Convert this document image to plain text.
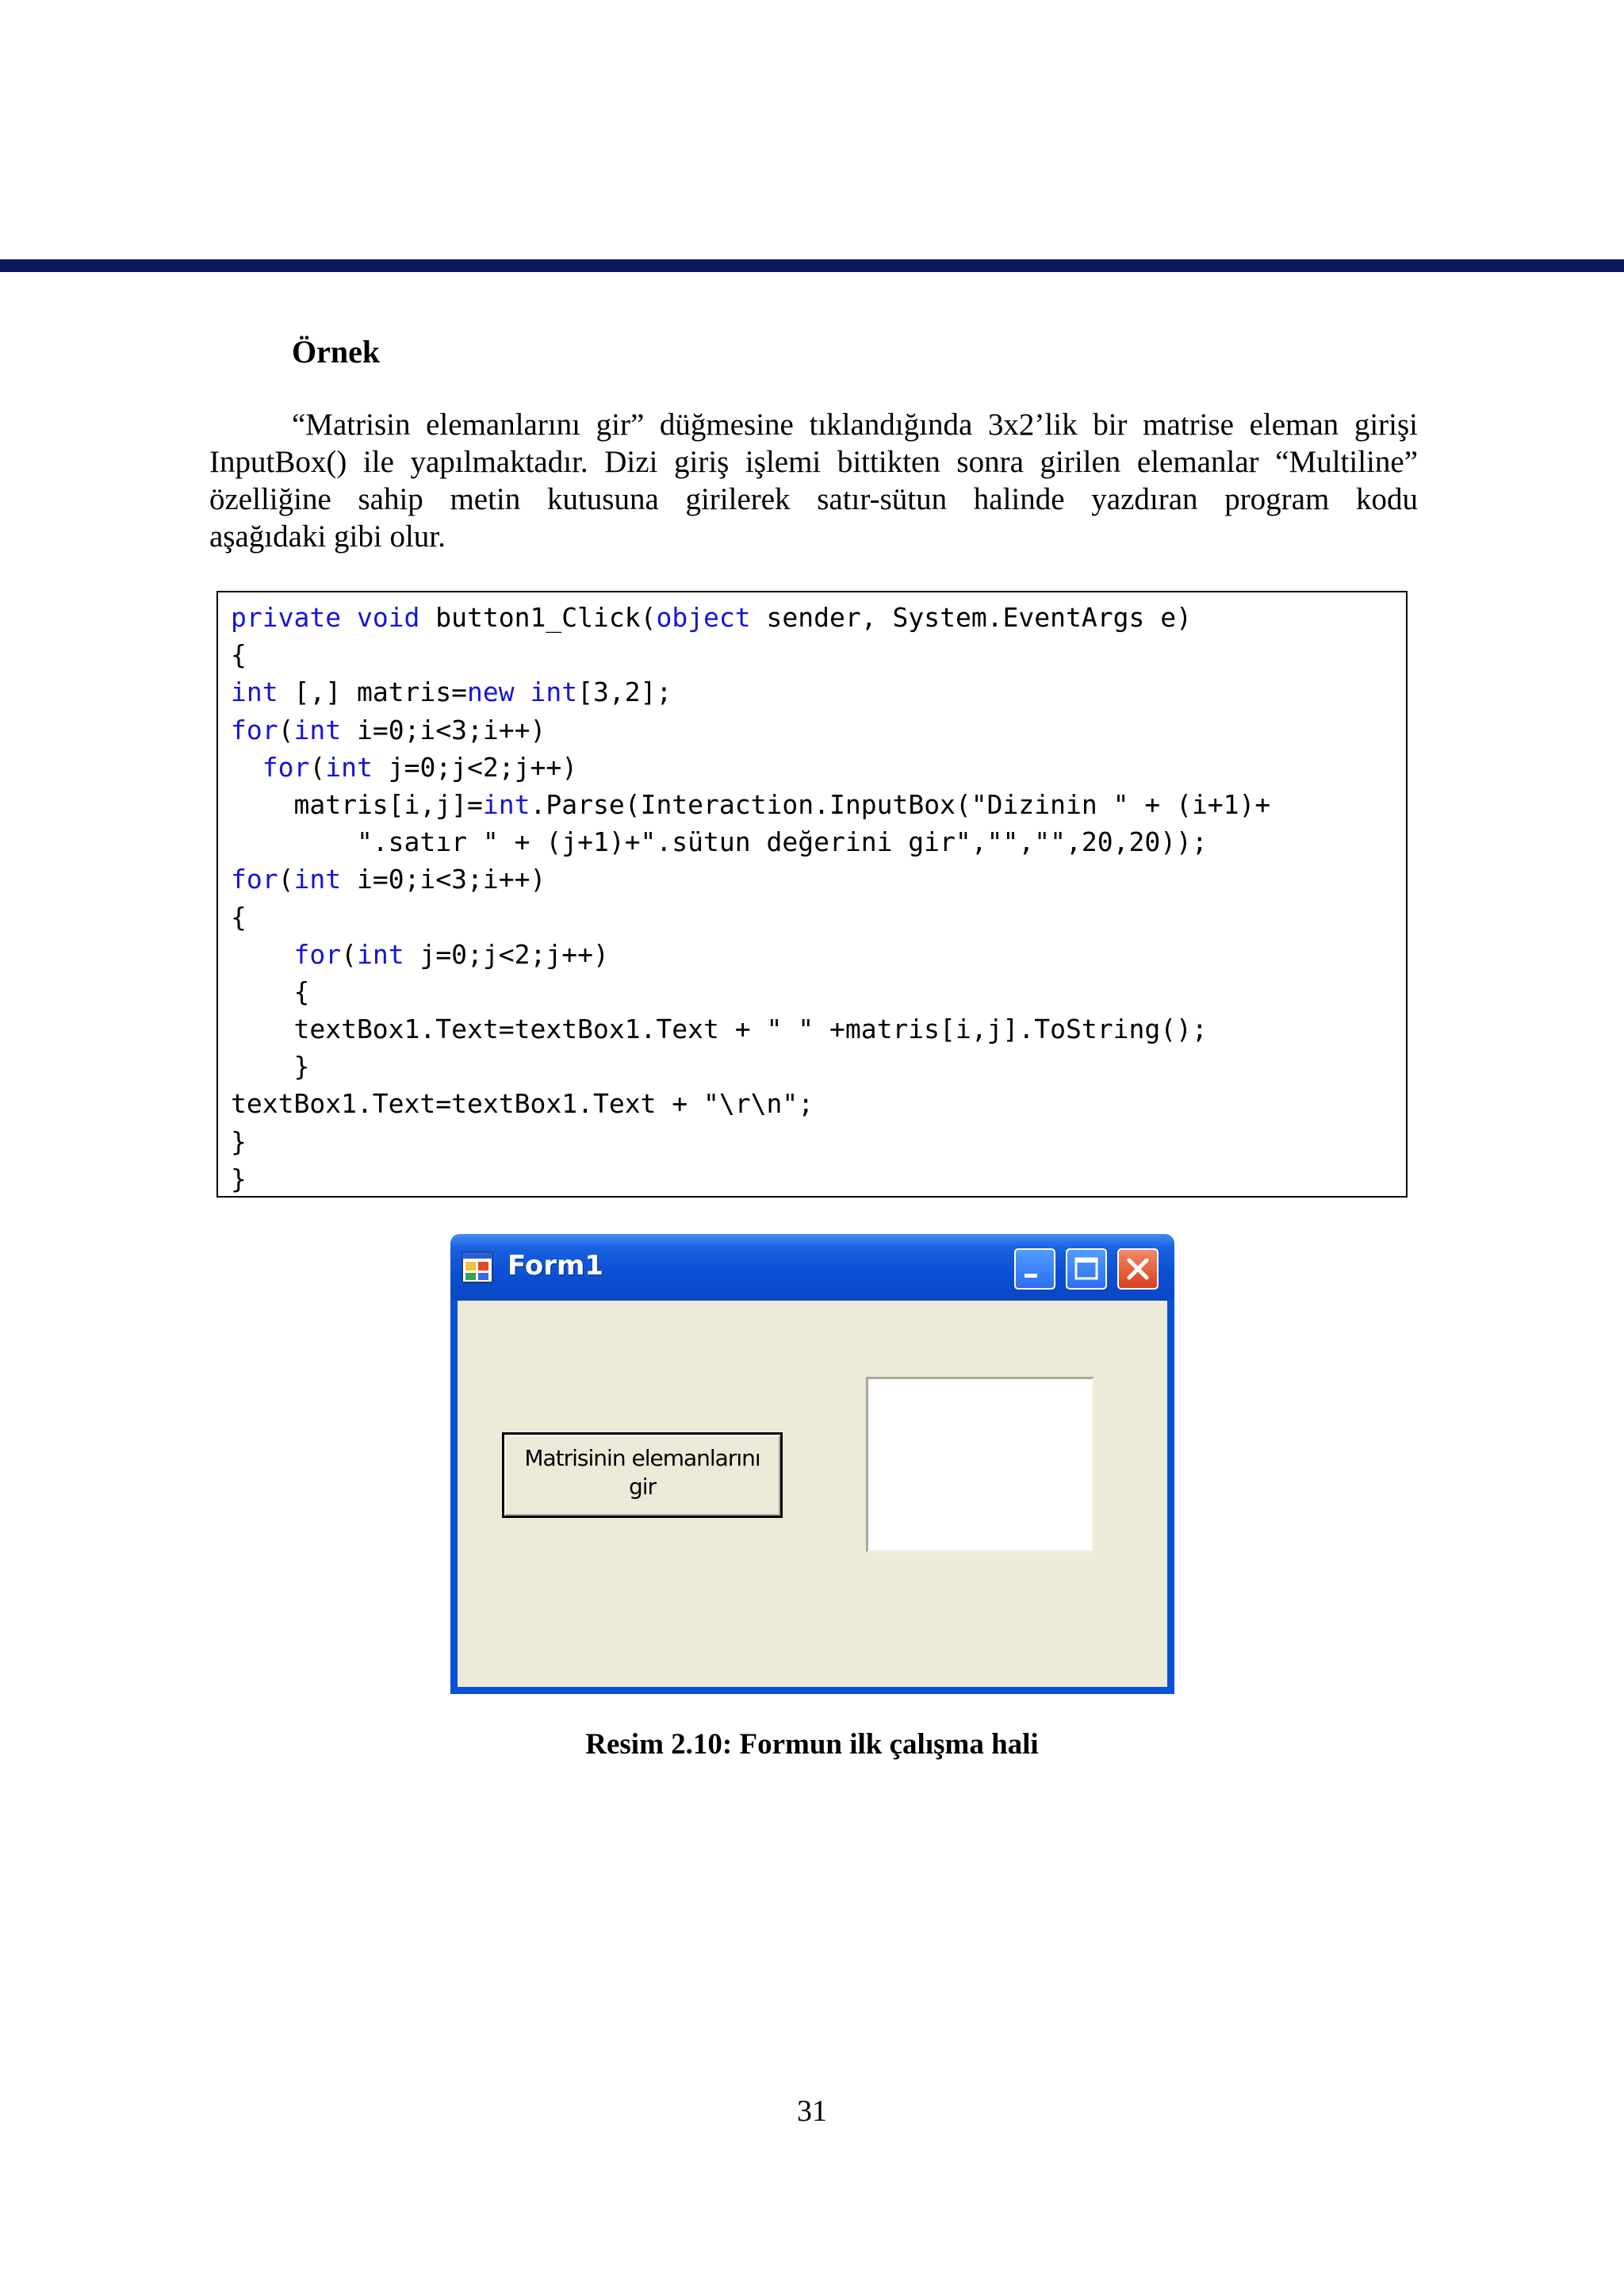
Örnek
“Matrisin elemanlarını gir” düğmesine tıklandığında 3x2’lik bir matrise eleman girişi
InputBox() ile yapılmaktadır. Dizi giriş işlemi bittikten sonra girilen elemanlar “Multiline”
özelliğine sahip metin kutusuna girilerek satır-sütun halinde yazdıran program kodu
aşağıdaki gibi olur.
private void button1_Click(object sender, System.EventArgs e)
{
int [,] matris=new int[3,2];
for(int i=0;i<3;i++)
for(int j=0;j<2;j++)
matris[i,j]=int.Parse(Interaction.InputBox("Dizinin " + (i+1)+
".satır " + (j+1)+".sütun değerini gir","","",20,20));
for(int i=0;i<3;i++)
{
for(int j=0;j<2;j++)
{
textBox1.Text=textBox1.Text + " " +matris[i,j].ToString();
}
textBox1.Text=textBox1.Text + "\r\n";
}
}
Form1
Matrisinin elemanlarını
gir
Resim 2.10: Formun ilk çalışma hali
31
